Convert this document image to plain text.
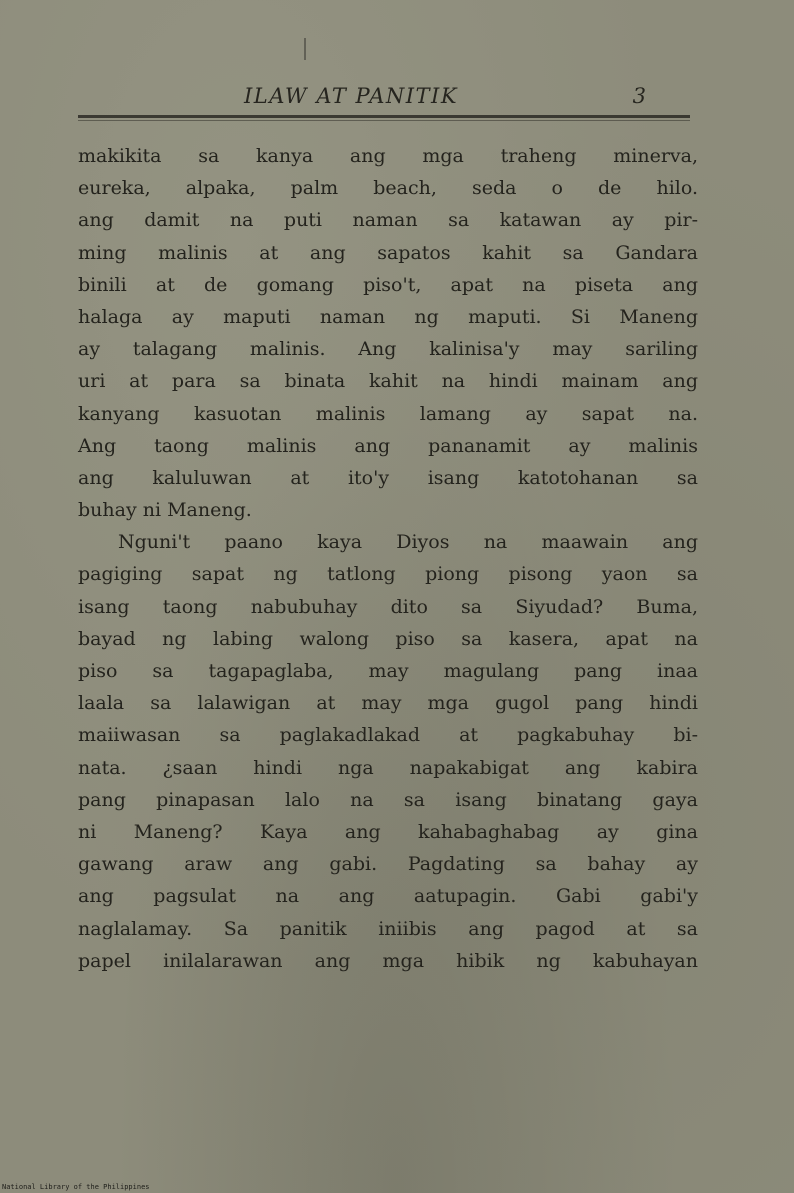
ILAW AT PANITIK	3
makikita sa kanya ang mga traheng minerva,
eureka, alpaka, palm beach, seda o de hilo.
ang damit na puti naman sa katawan ay pir-
ming malinis at ang sapatos kahit sa Gandara
binili at de gomang piso't, apat na piseta ang
halaga ay maputi naman ng maputi. Si Maneng
ay talagang malinis. Ang kalinisa'y may sariling
uri at para sa binata kahit na hindi mainam ang
kanyang kasuotan malinis lamang ay sapat na.
Ang taong malinis ang pananamit ay malinis
ang kaluluwan at ito'y isang katotohanan sa
buhay ni Maneng.
Nguni't paano kaya Diyos na maawain ang
pagiging sapat ng tatlong piong pisong yaon sa
isang taong nabubuhay dito sa Siyudad? Buma,
bayad ng labing walong piso sa kasera, apat na
piso sa tagapaglaba, may magulang pang inaa
laala sa lalawigan at may mga gugol pang hindi
maiiwasan sa paglakadlakad at pagkabuhay bi-
nata. ¿saan hindi nga napakabigat ang kabira
pang pinapasan lalo na sa isang binatang gaya
ni Maneng? Kaya ang kahabaghabag ay gina
gawang araw ang gabi. Pagdating sa bahay ay
ang pagsulat na ang aatupagin. Gabi gabi'y
naglalamay. Sa panitik iniibis ang pagod at sa
papel inilalarawan ang mga hibik ng kabuhayan
National Library of the Philippines
